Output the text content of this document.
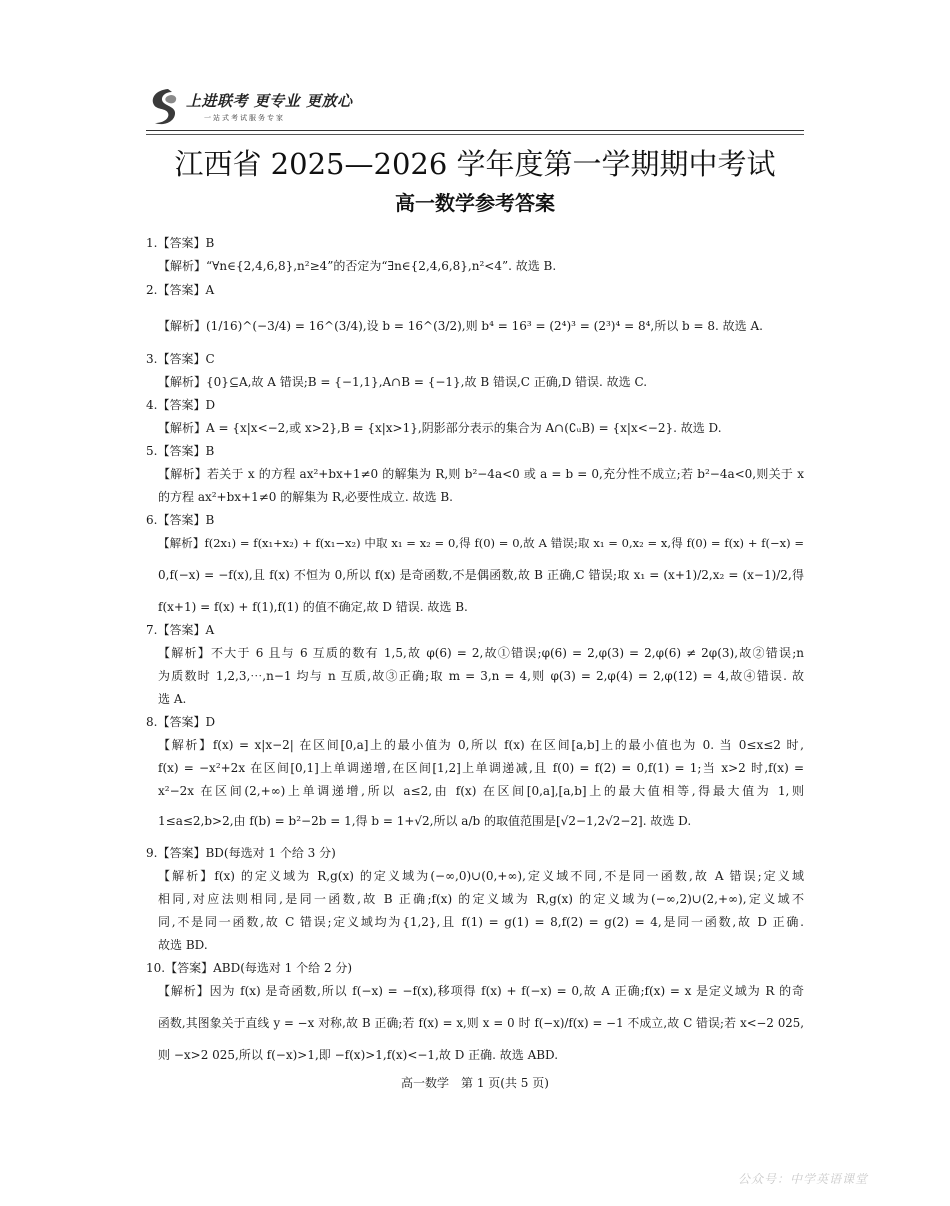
上进联考 更专业 更放心
一站式考试服务专家
江西省 2025—2026 学年度第一学期期中考试
高一数学参考答案
1.【答案】B
【解析】“∀n∈{2,4,6,8},n²≥4”的否定为“∃n∈{2,4,6,8},n²<4”. 故选 B.
2.【答案】A
【解析】(1/16)^(−3/4) = 16^(3/4),设 b = 16^(3/2),则 b⁴ = 16³ = (2⁴)³ = (2³)⁴ = 8⁴,所以 b = 8. 故选 A.
3.【答案】C
【解析】{0}⊆A,故 A 错误;B = {−1,1},A∩B = {−1},故 B 错误,C 正确,D 错误. 故选 C.
4.【答案】D
【解析】A = {x|x<−2,或 x>2},B = {x|x>1},阴影部分表示的集合为 A∩(∁ᵤB) = {x|x<−2}. 故选 D.
5.【答案】B
【解析】若关于 x 的方程 ax²+bx+1≠0 的解集为 R,则 b²−4a<0 或 a = b = 0,充分性不成立;若 b²−4a<0,则关于 x
的方程 ax²+bx+1≠0 的解集为 R,必要性成立. 故选 B.
6.【答案】B
【解析】f(2x₁) = f(x₁+x₂) + f(x₁−x₂) 中取 x₁ = x₂ = 0,得 f(0) = 0,故 A 错误;取 x₁ = 0,x₂ = x,得 f(0) = f(x) + f(−x) =
0,f(−x) = −f(x),且 f(x) 不恒为 0,所以 f(x) 是奇函数,不是偶函数,故 B 正确,C 错误;取 x₁ = (x+1)/2,x₂ = (x−1)/2,得
f(x+1) = f(x) + f(1),f(1) 的值不确定,故 D 错误. 故选 B.
7.【答案】A
【解析】不大于 6 且与 6 互质的数有 1,5,故 φ(6) = 2,故①错误;φ(6) = 2,φ(3) = 2,φ(6) ≠ 2φ(3),故②错误;n
为质数时 1,2,3,⋯,n−1 均与 n 互质,故③正确;取 m = 3,n = 4,则 φ(3) = 2,φ(4) = 2,φ(12) = 4,故④错误. 故
选 A.
8.【答案】D
【解析】f(x) = x|x−2| 在区间[0,a]上的最小值为 0,所以 f(x) 在区间[a,b]上的最小值也为 0. 当 0≤x≤2 时,
f(x) = −x²+2x 在区间[0,1]上单调递增,在区间[1,2]上单调递减,且 f(0) = f(2) = 0,f(1) = 1;当 x>2 时,f(x) =
x²−2x 在区间(2,+∞)上单调递增,所以 a≤2,由 f(x) 在区间[0,a],[a,b]上的最大值相等,得最大值为 1,则
1≤a≤2,b>2,由 f(b) = b²−2b = 1,得 b = 1+√2,所以 a/b 的取值范围是[√2−1,2√2−2]. 故选 D.
9.【答案】BD(每选对 1 个给 3 分)
【解析】f(x) 的定义域为 R,g(x) 的定义域为(−∞,0)∪(0,+∞),定义域不同,不是同一函数,故 A 错误;定义域
相同,对应法则相同,是同一函数,故 B 正确;f(x) 的定义域为 R,g(x) 的定义域为(−∞,2)∪(2,+∞),定义域不
同,不是同一函数,故 C 错误;定义域均为{1,2},且 f(1) = g(1) = 8,f(2) = g(2) = 4,是同一函数,故 D 正确.
故选 BD.
10.【答案】ABD(每选对 1 个给 2 分)
【解析】因为 f(x) 是奇函数,所以 f(−x) = −f(x),移项得 f(x) + f(−x) = 0,故 A 正确;f(x) = x 是定义域为 R 的奇
函数,其图象关于直线 y = −x 对称,故 B 正确;若 f(x) = x,则 x = 0 时 f(−x)/f(x) = −1 不成立,故 C 错误;若 x<−2 025,
则 −x>2 025,所以 f(−x)>1,即 −f(x)>1,f(x)<−1,故 D 正确. 故选 ABD.
高一数学　第 1 页(共 5 页)
公众号：中学英语课堂
